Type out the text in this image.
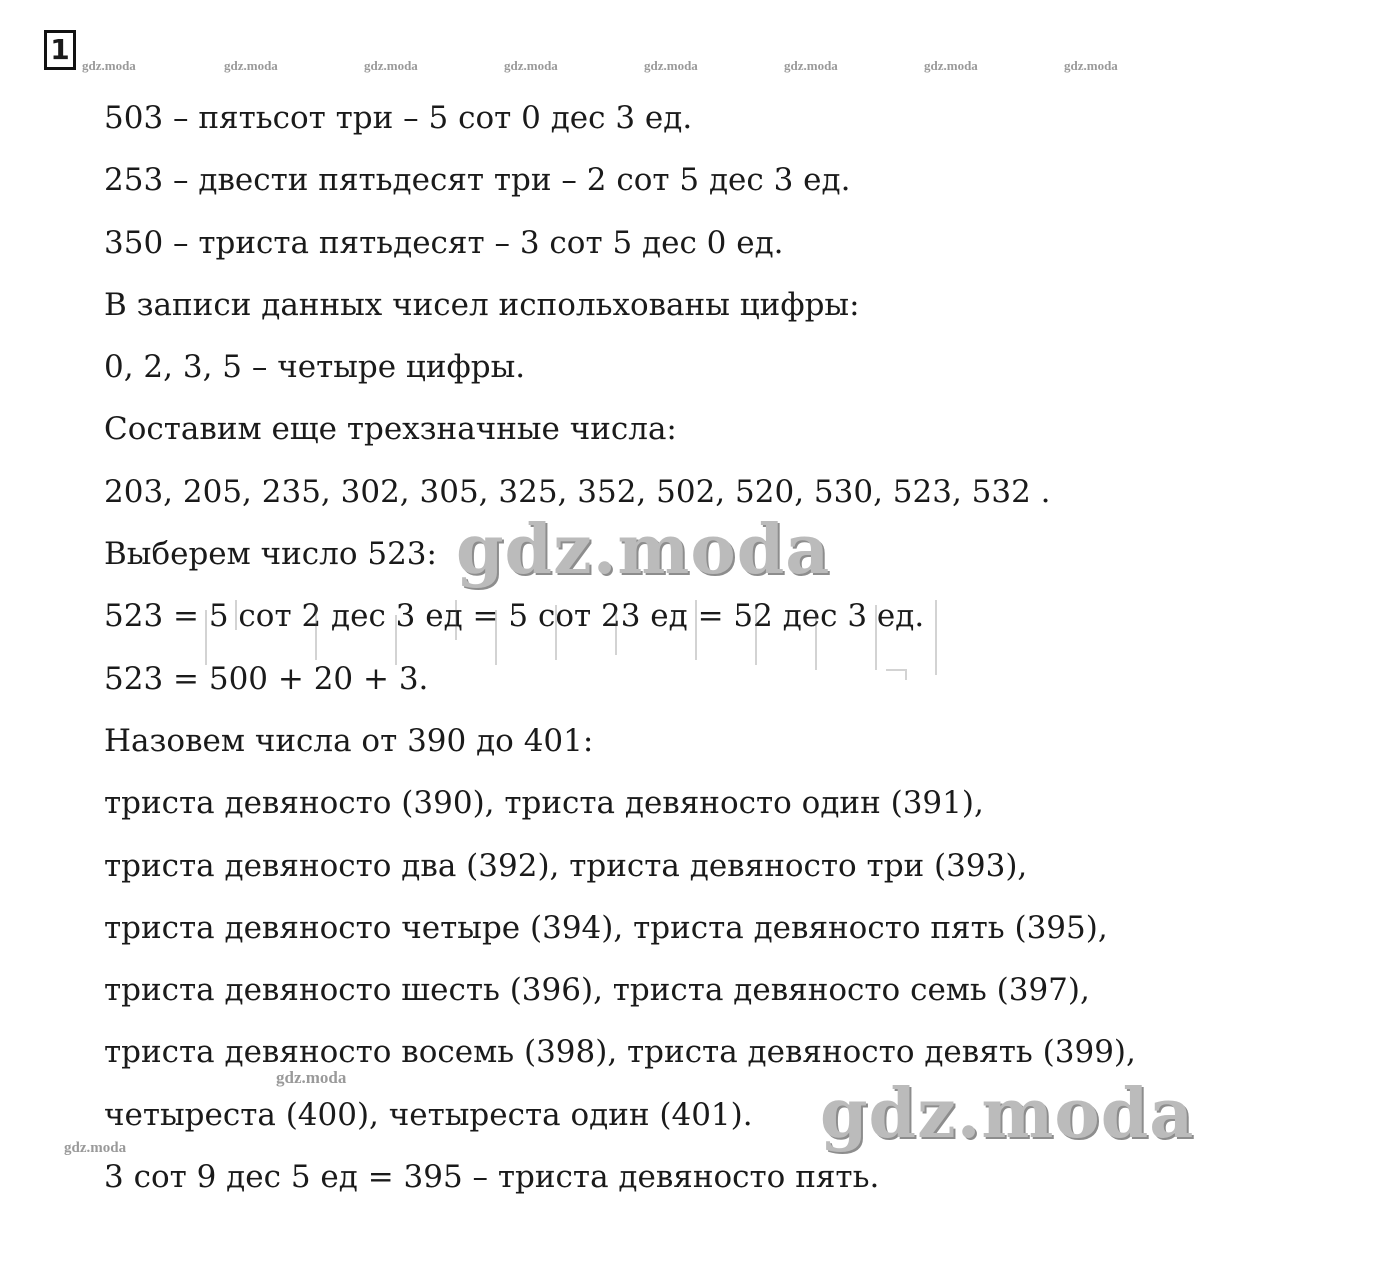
1 gdz.moda	gdz.moda	gdz.moda	gdz.moda	gdz.moda	gdz.moda	gdz.moda	gdz.moda
503 – пятьсот три – 5 сот 0 дес 3 ед.
253 – двести пятьдесят три – 2 сот 5 дес 3 ед.
350 – триста пятьдесят – 3 сот 5 дес 0 ед.
В записи данных чисел испольхованы цифры:
0, 2, 3, 5 – четыре цифры.
Составим еще трехзначные числа:
203, 205, 235, 302, 305, 325, 352, 502, 520, 530, 523, 532 .
Выберем число 523:
523 = 5 сот 2 дес 3 ед = 5 сот 23 ед = 52 дес 3 ед.
523 = 500 + 20 + 3.
Назовем числа от 390 до 401:
триста девяносто (390), триста девяносто один (391),
триста девяносто два (392), триста девяносто три (393),
триста девяносто четыре (394), триста девяносто пять (395),
триста девяносто шесть (396), триста девяносто семь (397),
триста девяносто восемь (398), триста девяносто девять (399),
четыреста (400), четыреста один (401).
3 сот 9 дес 5 ед = 395 – триста девяносто пять.
gdz.moda
gdz.moda	gdz.moda
gdz.moda
